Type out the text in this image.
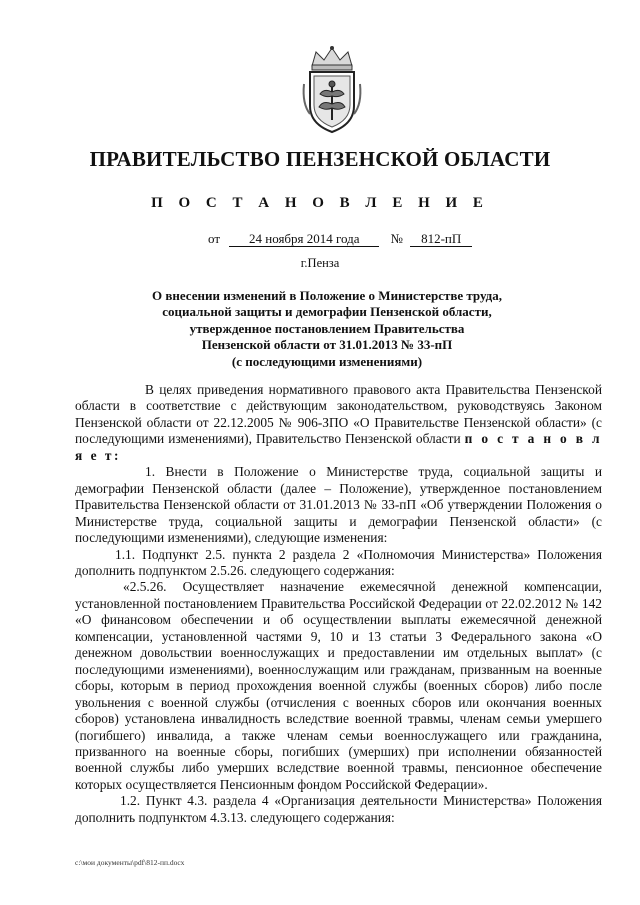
ПРАВИТЕЛЬСТВО ПЕНЗЕНСКОЙ ОБЛАСТИ
П О С Т А Н О В Л Е Н И Е
от 24 ноября 2014 года № 812-пП
г.Пенза
О внесении изменений в Положение о Министерстве труда,
социальной защиты и демографии Пензенской области,
утвержденное постановлением Правительства
Пензенской области от 31.01.2013 № 33-пП
(с последующими изменениями)

В целях приведения нормативного правового акта Правительства Пензенской области в соответствие с действующим законодательством, руководствуясь Законом Пензенской области от 22.12.2005 № 906-ЗПО «О Правительстве Пензенской области» (с последующими изменениями), Правительство Пензенской области п о с т а н о в л я е т:

1. Внести в Положение о Министерстве труда, социальной защиты и демографии Пензенской области (далее – Положение), утвержденное постановлением Правительства Пензенской области от 31.01.2013 № 33-пП «Об утверждении Положения о Министерстве труда, социальной защиты и демографии Пензенской области» (с последующими изменениями), следующие изменения:

1.1. Подпункт 2.5. пункта 2 раздела 2 «Полномочия Министерства» Положения дополнить подпунктом 2.5.26. следующего содержания:

«2.5.26. Осуществляет назначение ежемесячной денежной компенсации, установленной постановлением Правительства Российской Федерации от 22.02.2012 № 142 «О финансовом обеспечении и об осуществлении выплаты ежемесячной денежной компенсации, установленной частями 9, 10 и 13 статьи 3 Федерального закона «О денежном довольствии военнослужащих и предоставлении им отдельных выплат» (с последующими изменениями), военнослужащим или гражданам, призванным на военные сборы, которым в период прохождения военной службы (военных сборов) либо после увольнения с военной службы (отчисления с военных сборов или окончания военных сборов) установлена инвалидность вследствие военной травмы, членам семьи умершего (погибшего) инвалида, а также членам семьи военнослужащего или гражданина, призванного на военные сборы, погибших (умерших) при исполнении обязанностей военной службы либо умерших вследствие военной травмы, пенсионное обеспечение которых осуществляется Пенсионным фондом Российской Федерации».

1.2. Пункт 4.3. раздела 4 «Организация деятельности Министерства» Положения дополнить подпунктом 4.3.13. следующего содержания:

с:\мои документы\pdf\812-пп.docx
